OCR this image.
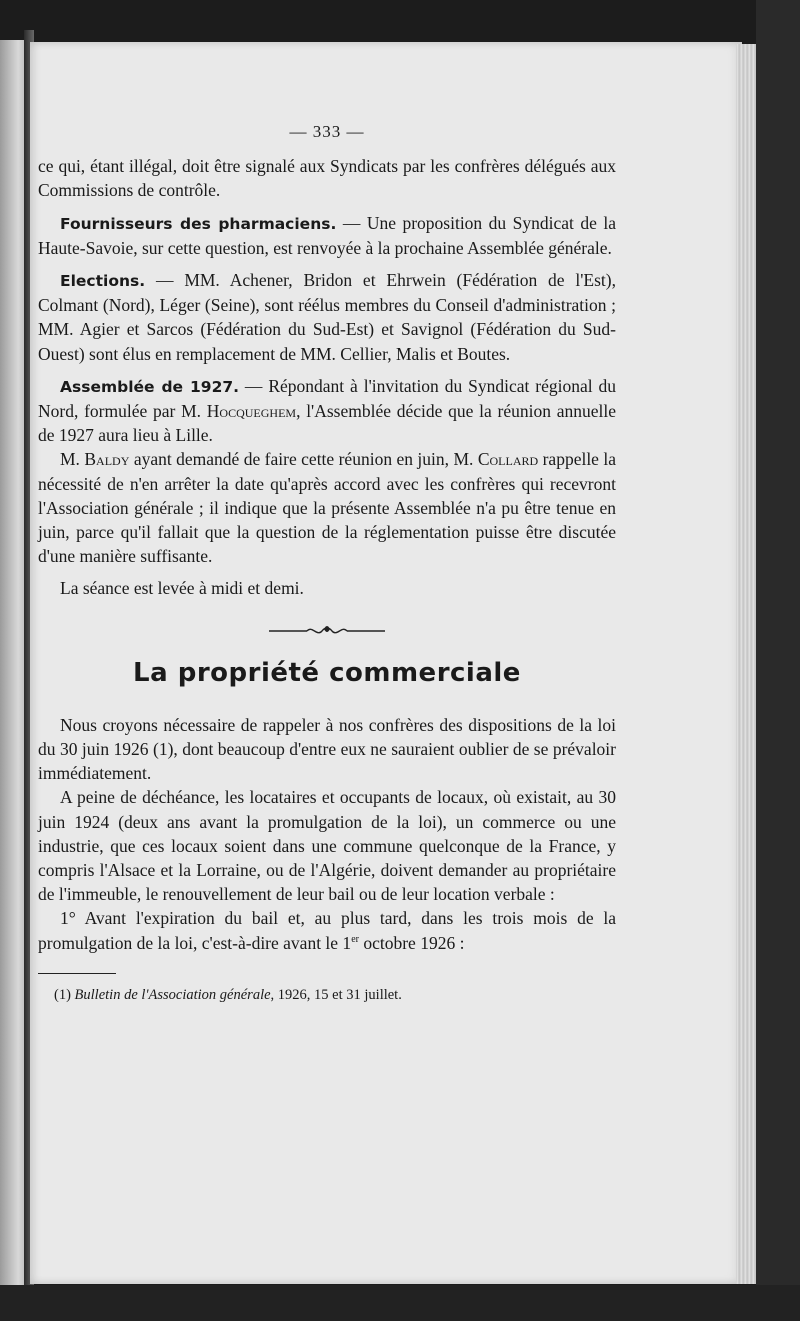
— 333 —

ce qui, étant illégal, doit être signalé aux Syndicats par les confrères délégués aux Commissions de contrôle.

Fournisseurs des pharmaciens. — Une proposition du Syndicat de la Haute-Savoie, sur cette question, est renvoyée à la prochaine Assemblée générale.

Elections. — MM. Achener, Bridon et Ehrwein (Fédération de l'Est), Colmant (Nord), Léger (Seine), sont réélus membres du Conseil d'administration ; MM. Agier et Sarcos (Fédération du Sud-Est) et Savignol (Fédération du Sud-Ouest) sont élus en remplacement de MM. Cellier, Malis et Boutes.

Assemblée de 1927. — Répondant à l'invitation du Syndicat régional du Nord, formulée par M. Hocqueghem, l'Assemblée décide que la réunion annuelle de 1927 aura lieu à Lille.

M. Baldy ayant demandé de faire cette réunion en juin, M. Collard rappelle la nécessité de n'en arrêter la date qu'après accord avec les confrères qui recevront l'Association générale ; il indique que la présente Assemblée n'a pu être tenue en juin, parce qu'il fallait que la question de la réglementation puisse être discutée d'une manière suffisante.

La séance est levée à midi et demi.

La propriété commerciale

Nous croyons nécessaire de rappeler à nos confrères des dispositions de la loi du 30 juin 1926 (1), dont beaucoup d'entre eux ne sauraient oublier de se prévaloir immédiatement.

A peine de déchéance, les locataires et occupants de locaux, où existait, au 30 juin 1924 (deux ans avant la promulgation de la loi), un commerce ou une industrie, que ces locaux soient dans une commune quelconque de la France, y compris l'Alsace et la Lorraine, ou de l'Algérie, doivent demander au propriétaire de l'immeuble, le renouvellement de leur bail ou de leur location verbale :

1° Avant l'expiration du bail et, au plus tard, dans les trois mois de la promulgation de la loi, c'est-à-dire avant le 1er octobre 1926 :

(1) Bulletin de l'Association générale, 1926, 15 et 31 juillet.
